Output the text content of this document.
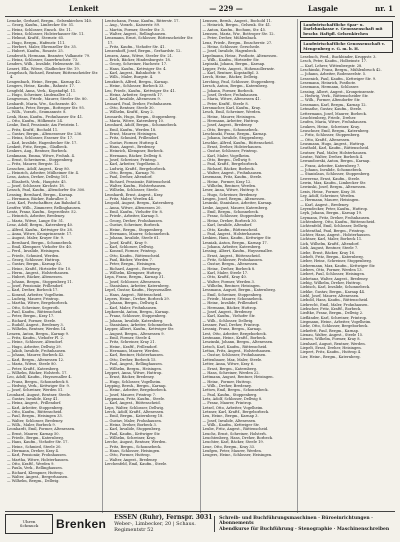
Lenkeit	— 229 —	Lasgale	nr. 1
Lemcke, Gerhard, Bergm., Gelsenkirchen 140.
— Georg, Kaufm., Limbecker Str. 51.
— Heinz, Schlosser, Emsch. Str. 11.
— Heinz, Schlosser, Holsterhauser Str. 11.
— Helmut, Kraftf., Sternstr. 65.
— Hugo, Bergm., Hafenstr. 111.
— Herbert, Maler, Ehrenzeller Str. 35.
— Hubert, Kaufm., Rosastr. 25.
Lenderoth, Hermann, Beamter, Vulkanstr. 79.
— Heinz, Schlosser, Sauerbruchstr. 73.
Lenders, Wilh., Invalide, Helenenstr. 56.
Lenert, Ella, Witwe, Gladbecker Str. 19.
Lengebach, Richard, Rentner, Rüttenscheider Str. 4.
Lengenbach, Heinr., Bergm., Karnap 42.
Lengers, Heinr., Kaufm., Bahnstr. 17.
Lengfeld, Anna, Verk., Kopstadtpl. 11.
— Hugo, Schreiner, Lindenallee 21.
Lengwenus, Friedr., Maurer, Steeler Str. 80.
Lenhardt, Maria, Ww., Sachsenstr. 40.
Lenhartz, Peter, Bergm., Bottroper Str. 95.
— Wilh., Vorarb., Seumannstr. 8.
Lenk, Hans, Kaufm., Frohnhauser Str. 41.
— Otto, Kaufm., Hölkenstr. 24.
Lenke, Emil, Pensionär, Am Freistein 1.
— Fritz, Kraftf., Bochold 11.
— Gustav, Bergm., Altenessener Str. 236.
— Heinz, Schlosser, Essener Str. 17.
— Karl, Invalide, Hagenbecker Str. 17.
Lenkeit, Fritz, Bergm., Gladbeck.
Lenkers, Aug., Rentner, Borbeck.
Lenkmann, Emma, Witwe, Frohnh. 4.
— Ernst, Schreinerm., Stoppenberg.
— Fritz, Maurer, Bergstr. 12.
Lenschen, Adolf, Angest., Kray 80.
— Heinrich, Arbeiter, Mülheimer Str. 4.
Lens, Anton, Dreher, Dellwig 101.
— Elisabeth, Verk., Hauptstr. 45.
— Josef, Schlosser, Kirchstr. 18.
Lensch, Paul, Kaufm., Altendorfer Str. 300.
Lensing, Bernhard, Bergm., Karnap.
— Hermann, Bäcker, Ruhrallee 3.
Lent, Karl, Postschaffner, Am Bahnhof 4.
Lentfer, Wilh., Zimmerer, Rellinghausen.
Lentz, Franz, Kaufm., Segerothstr. 52.
— Heinrich, Arbeiter, Bredeney.
— Maria, Witwe, Lange Str. 51.
Lenz, Adolf, Bergm., Katernberg 40.
— Alfred, Kaufm., Kettwiger Str. 28.
— Anna, Witwe, Kronprinzenstr. 17.
— August, Maler, Krayer Str. 9.
— Bernhard, Bergm., Schonnebeck.
— Emil, Klempner, Viehofer Str. 40.
— Ferd., Invalide, Heisingen.
— Friedr., Schmied, Werden.
— Georg, Schlosser, Huttrop.
— Gustav, Bergm., Karnap 82.
— Heinr., Kraftf., Hirtsiefer Str. 10.
— Herm., Angest., Holsterhausen.
— Hubert, Bäcker, Altenessen.
— Johann, Bergm., Stoppenberg 11.
— Josef, Pensionär, Frillendorf.
— Karl, Dreher, Borbeck 17.
— Konrad, Arbeiter, Vogelheim.
— Ludwig, Maurer, Frintrop.
— Martha, Witwe, Bergeborbeck.
— Otto, Schreiner, Segeroth.
— Paul, Kaufm., Rüttenscheid.
— Peter, Bergm., Kray 17.
— Richard, Former, Steele.
— Rudolf, Angest., Bredeney 3.
— Wilhelm, Rentner, Werden 14.
Lenzen, Anton, Bergm., Karnap 9.
— Fritz, Kaufm., Viehofer Pl. 2.
— Heinr., Schlosser, Altendorf.
— Hugo, Arbeiter, Dellwig 29.
— Jakob, Invalide, Frohnhausen.
— Johann, Maurer, Borbeck 42.
— Karl, Bergm., Altenessen 12.
— Maria, Witwe, Steele 80.
— Peter, Kraftf., Katernberg.
— Wilhelm, Bäcker, Holsterh. 17.
Leo, Adolf, Kaufm., Huyssenallee 4.
— Franz, Bergm., Schonnebeck 8.
— Hedwig, Verk., Kettwiger Str. 9.
— Josef, Schreiner, Werden 51.
Leonhard, August, Rentner, Steele.
— Gustav, Invalide, Kray 41.
— Heinz, Angest., Frillendorf.
— Karl, Arbeiter, Stoppenberg.
— Otto, Kaufm., Rüttenscheid.
— Paul, Bergm., Heisingen 33.
— Walter, Schlosser, Bredeney.
— Wilh., Maler, Borbeck 9.
Leonhardt, Emil, Former, Altenessen.
— Ernst, Maurer, Karnap 50.
— Friedr., Bergm., Katernberg.
— Hans, Kaufm., Viehofer Str. 17.
— Heinr., Schmied, Steele 20.
— Hermann, Dreher, Kray 4.
— Karl, Pensionär, Frohnhausen.
— Martha, Witwe, Holsterhausen.
— Otto, Kraftf., Werden 9.
— Paula, Verk., Rellinghausen.
— Richard, Klempner, Huttrop.
— Walter, Angest., Bergerhausen.
— Wilhelm, Bergm., Dellwig.
Lentschann, Franz, Kaufm., Ritterstr. 17.
— Aug., Vorarb., Kaiserstr. 89.
— Martin, Former, Steeler Str. 3.
— Walter, Angest., Rellinghausen.
Lenzmann, Ernst, Schlosser, Rüttenscheider Str. 17.
— Fritz, Kaufm., Viehofer Str. 41.
Lenzenhoff, Josef, Bergm., Gerhardstr. 12.
Lenzen, Anna, Witwe, Steeler Str. 21.
— Erich, Bäcker, Hindenburgstr. 18.
— Georg, Schreiner, Hachestr. 17.
— Hans, Kaufm., Kettwiger Str. 4.
— Karl, Angest., Bahnhofstr. 9.
— Wilh., Maler, Burgstr. 4.
Lenzkirch, Alfred, Bergm., Karnap.
— Heinr., Schlosser, Borbeck 33.
Leo, Friedr., Kaufm., Kettwiger Str. 41.
— Heinz, Arbeiter, Segeroth 17.
— Karl, Invalide, Altenessen 9.
Leonard, Paul, Dreher, Frohnhausen.
— Otto, Rentner, Steele 30.
— Wilhelm, Kraftf., Kray 2.
Leonards, Hugo, Bergm., Stoppenberg.
— Maria, Witwe, Katernberg 10.
Leonhard, Adolf, Bergm., Schonnebeck.
— Emil, Kaufm., Werden 18.
— Ernst, Maurer, Heisingen.
— Fritz, Schmied, Frillendorf.
— Gustav, Former, Huttrop 4.
— Hans, Angest., Bredeney.
— Heinrich, Klempner, Borbeck.
— Hermann, Bäcker, Dellwig 8.
— Josef, Schreiner, Frintrop.
— Karl, Arbeiter, Vogelheim 3.
— Ludwig, Kraftf., Bergeborbeck.
— Otto, Bergm., Karnap 70.
— Paul, Dreher, Altendorf.
— Richard, Pensionär, Rüttenscheid.
— Walter, Kaufm., Holsterhausen.
— Wilhelm, Schlosser, Steele.
Leonhardi, Ernst, Angest., Kray.
— Fritz, Maler, Werden 44.
Leopold, August, Bergm., Katernberg.
— Anna, Witwe, Altenessen 20.
— Emil, Kaufm., Viehofer Str. 8.
— Friedr., Arbeiter, Karnap 5.
— Georg, Dreher, Frohnhausen.
— Gustav, Schreiner, Borbeck.
— Heinr., Bergm., Stoppenberg.
— Hermann, Maurer, Schonnebeck.
— Johann, Invalide, Steele 61.
— Josef, Kraftf., Kray 9.
— Karl, Schlosser, Dellwig.
— Konrad, Former, Frintrop.
— Otto, Kaufm., Rüttenscheid.
— Paul, Bäcker, Werden 7.
— Peter, Bergm., Heisingen.
— Richard, Angest., Bredeney.
— Wilhelm, Klempner, Huttrop.
Lepa, Franz, Bergm., Karnap 31.
— Josef, Schlosser, Altenessen.
— Stanislaus, Arbeiter, Katernberg.
Lepel, Gustav, Kaufm., Huyssenallee.
— Hans, Angest., Rüttenscheid.
Lepers, Heinr., Dreher, Borbeck 29.
— Johann, Bergm., Dellwig 4.
— Karl, Maler, Frohnhausen.
Lepkowski, Anton, Bergm., Karnap.
— Franz, Schlosser, Stoppenberg.
— Johann, Invalide, Katernberg.
— Stanislaus, Arbeiter, Schonnebeck.
Lepper, Albert, Kaufm., Kettwiger Str.
— August, Bergm., Altenessen 9.
— Emil, Former, Steele 4.
— Fritz, Schreiner, Kray 21.
— Heinr., Kraftf., Frillendorf.
— Hermann, Maurer, Werden.
— Karl, Rentner, Holsterhausen.
— Otto, Dreher, Borbeck 15.
— Paul, Angest., Rellinghausen.
— Wilhelm, Bergm., Heisingen.
Leppert, Anna, Witwe, Huttrop.
— Ernst, Bäcker, Bredeney.
— Hugo, Schlosser, Vogelheim.
Lepping, Bernh., Bergm., Karnap.
— Heinr., Arbeiter, Bergeborbeck.
— Josef, Maurer, Frintrop 7.
Leppmann, Fritz, Kaufm., Steele.
— Karl, Angest., Rüttenscheid.
Leps, Walter, Schlosser, Dellwig.
Lerch, Adolf, Kraftf., Altenessen.
— Emil, Bergm., Katernberg 18.
— Gustav, Maler, Frohnhausen.
— Heinz, Dreher, Borbeck 3.
— Karl, Invalide, Stoppenberg.
— Paul, Kaufm., Kettwiger Str.
— Wilhelm, Schreiner, Kray.
Lerche, August, Rentner, Werden.
— Fritz, Bergm., Schonnebeck.
— Hans, Schlosser, Heisingen.
— Otto, Former, Huttrop.
— Walter, Angest., Bredeney.
Lerchenfeld, Emil, Kaufm., Steele.
Lenssen, Bernh., Angest., Bochold 11.
— Heinrich, Bergm., Gelsenk. Str. 41.
— Anton, Kaufm., Bochum, Str. 45.
Lenssen, Maria, Ww., Bottroper Str. 12.
— Peter, Dreher, Mühlenbach.
Lenz, Friedr., Bergm., Emscherstr. 27.
— Heinz, Schlosser, Gerschede.
— Josef, Invalide, Hagenbeck.
Lepelmann, Heinr., Postbote, Altenessen.
— Wilh., Kaufm., Hirtsiefer Str.
Lepinski, Johann, Bergm., Karnap.
Lepper, Fritz, Angest., Hohenzollernstr.
— Karl, Rentner, Kopstadtpl. 3.
Lerch, Heinr., Bäcker, Dellwig.
Lerching, Paul, Schlosser, Stoppenberg.
Lersch, Anton, Bergm., Katernberg.
— Johann, Former, Borbeck.
— Josef, Dreher, Frohnhausen.
— Maria, Witwe, Altenessen 41.
— Peter, Kraftf., Steele 8.
Lersmacher, Karl, Kaufm., Kray.
Lesch, Emil, Schreiner, Werden.
— Heinr., Maurer, Heisingen.
— Hermann, Arbeiter, Huttrop.
— Josef, Angest., Bredeney.
— Otto, Bergm., Schonnebeck.
Leschinski, Franz, Bergm., Karnap.
— Johann, Invalide, Stoppenberg.
Leschke, Alfred, Kaufm., Rüttenscheid.
— Ernst, Dreher, Holsterhausen.
— Gustav, Schlosser, Frintrop.
— Karl, Maler, Vogelheim.
— Otto, Bergm., Dellwig 9.
— Paul, Kraftf., Bergeborbeck.
— Richard, Bäcker, Borbeck.
— Walter, Angest., Frohnhausen.
Lesemann, Fritz, Kaufm., Steele.
— Heinr., Former, Kray 12.
— Wilhelm, Rentner, Werden.
Leser, Anna, Witwe, Huttrop 9.
— Hugo, Schreiner, Bredeney.
Lesgen, Josef, Bergm., Altenessen.
Lesinski, Stanislaus, Arbeiter, Karnap.
Leske, August, Maurer, Katernberg.
— Emil, Bergm., Schonnebeck.
— Franz, Schlosser, Stoppenberg.
— Heinz, Dreher, Borbeck 30.
— Karl, Invalide, Altendorf.
— Otto, Kaufm., Rüttenscheid.
— Paul, Angest., Holsterhausen.
Leskien, Hans, Kaufm., Kettwiger Str.
Lesniak, Anton, Bergm., Karnap 17.
— Johann, Arbeiter, Katernberg.
Lessing, Albert, Kaufm., Huyssenallee.
— Ernst, Angest., Rüttenscheid.
— Fritz, Schlosser, Frohnhausen.
— Gustav, Bergm., Altenessen.
— Heinr., Dreher, Borbeck 8.
— Karl, Maler, Steele 17.
— Otto, Kraftf., Kray 40.
— Walter, Former, Werden 3.
— Wilhelm, Rentner, Heisingen.
Lessmann, August, Bergm., Katernberg.
— Emil, Schreiner, Stoppenberg.
— Friedr., Maurer, Schonnebeck.
— Heinr., Invalide, Frillendorf.
— Hermann, Bäcker, Huttrop.
— Josef, Angest., Bredeney.
— Karl, Kaufm., Viehofer Str.
— Wilh., Schlosser, Dellwig.
Lessner, Paul, Dreher, Frintrop.
Lessnig, Franz, Bergm., Karnap.
Lest, Otto, Arbeiter, Bergeborbeck.
Lestmann, Heinr., Kraftf., Borbeck.
Leszinski, Johann, Bergm., Altenessen.
Letsch, Karl, Kaufm., Rüttenscheid.
Lettau, Fritz, Angest., Holsterhausen.
— Gustav, Schlosser, Frohnhausen.
Lettenbauer, Max, Maler, Steele.
Letter, Anna, Witwe, Kray 6.
— Ernst, Bergm., Katernberg.
— Hans, Schreiner, Werden 22.
Lettmann, August, Rentner, Heisingen.
— Heinr., Former, Huttrop.
— Wilh., Dreher, Bredeney.
Lettow, Emil, Bergm., Schonnebeck.
— Paul, Kaufm., Stoppenberg.
Letz, Adolf, Schlosser, Dellwig 8.
— Franz, Maurer, Frintrop.
Letzel, Otto, Arbeiter, Vogelheim.
Letzner, Karl, Kraftf., Bergeborbeck.
Leu, Heinr., Bergm., Karnap 3.
— Josef, Invalide, Altenessen.
— Wilh., Kaufm., Kettwiger Str.
Leube, Fritz, Angest., Rüttenscheid.
Leuchs, Ernst, Schreiner, Holsterh.
Leuchtenberg, Hans, Dreher, Borbeck.
Leuchter, Karl, Bäcker, Steele 19.
Leue, Otto, Bergm., Kray 33.
Leufgen, Peter, Maurer, Werden.
Leugers, Heinr., Schlosser, Heisingen.
Landwirtschaftliche Spar- u. Darlehnskasse e. Genossenschaft mit beschr. Haftpfl. Gelsenkirchen
Landwirtschaftliche Genossenschaft v. Mengenberg e. G. m. b. H.
Lesebuch, Ferd., Buchbinder, Kruppstr. 3.
Lesch, Peter, Kaufm., Holbeinstr. 17.
— Karl, Lehrer, Wittenbergstr. 28.
Leschinski, Franz, Bergm., Mühlenbruch 42.
— Johann, Arbeiter, Rodenseelstr. 5.
Lessenich, Paul, Kaufm., Kettwiger Str. 9.
Lesemann, Heinrich, Postbote.
Lesemann, Hermann, Schlosser.
Lessing, Albert, Angest., Kronprinzenstr.
— Hedwig, Verk., Rüttenscheider Str.
— Wilh., Former, Altendorfer Str.
Lessmann, Karl, Bergm., Karnap 12.
Letmathe, Gustav, Kaufm., Steele.
Lettermann, Josef, Maurer, Borbeck.
Leuchtenberg, Friedr., Dreher.
Leufen, Maria, Witwe, Frohnhausen.
Leukers, Heinr., Schreiner, Kray.
Leuschner, Emil, Bergm., Katernberg.
— Fritz, Schlosser, Stoppenberg.
— Otto, Kraftf., Altenessen.
Leusmann, Hugo, Angest., Huttrop.
Leuthold, Karl, Kaufm., Rüttenscheid.
Leutner, Paul, Maler, Holsterhausen.
Leutze, Walter, Dreher, Borbeck 4.
Lewandowski, Anton, Bergm., Karnap.
— Franz, Arbeiter, Katernberg 7.
— Johann, Invalide, Schonnebeck.
— Stanislaus, Schlosser, Stoppenberg.
Lewerenz, Ernst, Kaufm., Steele.
Lewin, Max, Kaufm., Limbecker Str.
Lewinski, Josef, Bergm., Altenessen.
Lexis, Heinr., Former, Kray 30.
Ley, Adolf, Schreiner, Werden.
— Hermann, Maurer, Heisingen.
— Karl, Angest., Bredeney.
Leyendecker, Peter, Kaufm., Huttrop.
Leyk, Johann, Bergm., Karnap 19.
Leymann, Fritz, Dreher, Frohnhausen.
Lichtenberg, Otto, Kaufm., Rüttenscheid.
Lichtenfeld, Emil, Schlosser, Dellwig.
Lichtenthal, Paul, Bergm., Frintrop.
Lichter, Hans, Angest., Holsterhausen.
Lichtner, Karl, Maler, Borbeck 11.
Lick, Wilhelm, Kraftf., Altendorf.
Lieb, August, Rentner, Steele 7.
Liebe, Ernst, Bäcker, Kray 16.
Liebelt, Fritz, Bergm., Katernberg.
Lieber, Heinr., Schreiner, Stoppenberg.
Liebermann, Max, Kaufm., Kettwiger Str.
Liebers, Otto, Former, Werden 13.
Liebert, Paul, Schlosser, Heisingen.
Liebetanz, Walter, Angest., Bredeney.
Liebig, Wilhelm, Dreher, Huttrop.
Liebisch, Karl, Invalide, Schonnebeck.
Liebke, Gustav, Bergm., Karnap 44.
Liebl, Josef, Maurer, Altenessen.
Liebold, Hans, Kaufm., Rüttenscheid.
Liebrecht, Emil, Maler, Frohnhausen.
Liebscher, Fritz, Kraftf., Borbeck.
Liedtke, Franz, Bergm., Dellwig 2.
Liefländer, Karl, Schreiner, Frintrop.
Liegmann, Heinr., Arbeiter, Vogelheim.
Liehr, Otto, Schlosser, Bergeborbeck.
Liekefett, Paul, Bergm., Karnap.
Lienau, Walter, Angest., Steele 15.
Lienen, Wilhelm, Former, Kray 8.
Lienhard, August, Rentner, Werden.
Liepelt, Ernst, Dreher, Heisingen.
Liepert, Fritz, Kaufm., Huttrop 4.
Lier, Heinr., Bergm., Katernberg.
Uhren
Schmuck Brenken ESSEN (Ruhr), Fernspr. 3031
Weber-, Limbecker, 20 | Schaus. Regimentstr 52
Schreib- und Buchführungsmaschinen · Büroeinrichtungen · Abonnements
Abendkurse für Buchführung · Stenographie · Maschinenschreiben
